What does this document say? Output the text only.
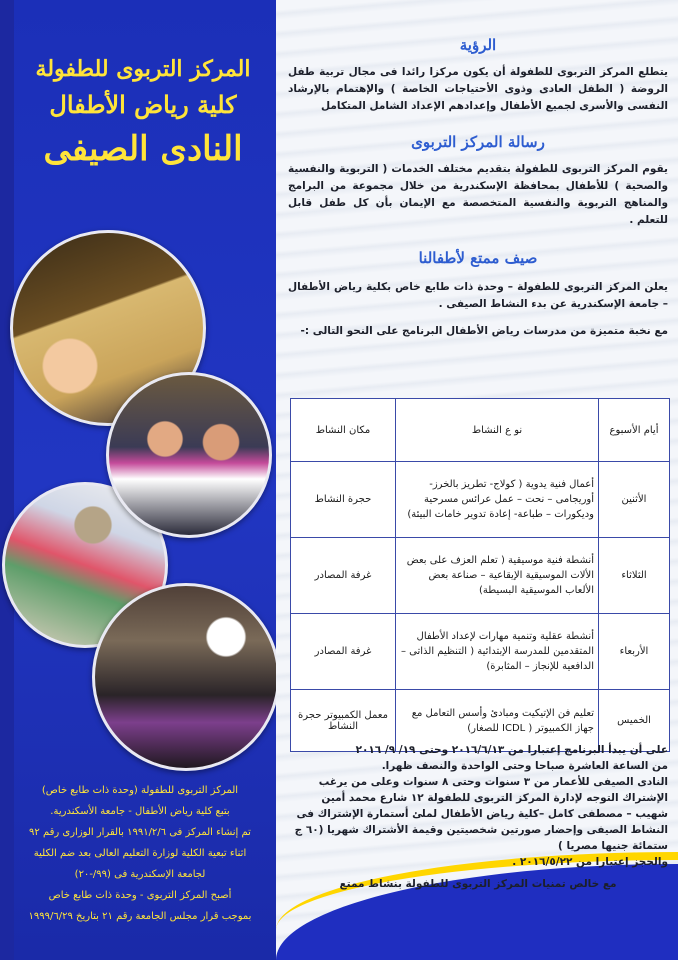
المركز التربوى للطفولة
كلية رياض الأطفال
النادى الصيفى
المركز التربوى للطفولة (وحدة ذات طابع خاص)
بتبع كلية رياض الأطفال - جامعة الأسكندرية.
تم إنشاء المركز فى ١٩٩١/٢/٦ بالقرار الوزارى رقم ٩٢
اثناء تبعية الكلية لوزارة التعليم العالى بعد ضم الكلية
لجامعة الإسكندرية فى (٩٩/-٢٠)
أصبح المركز التربوى - وحدة ذات طابع خاص
بموجب قرار مجلس الجامعة رقم ٢١ بتاريخ ١٩٩٩/٦/٢٩
الرؤية
يتطلع المركز التربوى للطفولة أن يكون مركزا رائدا فى مجال تربية طفل الروضة ( الطفل العادى وذوى الأحتياجات الخاصة ) والإهتمام بالإرشاد النفسى والأسرى لجميع الأطفال وإعدادهم الإعداد الشامل المتكامل
رسالة المركز التربوى
يقوم المركز التربوى للطفولة بتقديم مختلف الخدمات ( التربوية والنفسية والصحية ) للأطفال بمحافظة الإسكندرية من خلال مجموعة من البرامج والمناهج التربوية والنفسية المتخصصة مع الإيمان بأن كل طفل قابل للتعلم .
صيف ممتع لأطفالنا
يعلن المركز التربوى للطفولة – وحدة ذات طابع خاص بكلية رياض الأطفال – جامعة الإسكندرية عن بدء النشاط الصيفى .
مع نخبة متميزة من مدرسات رياض الأطفال البرنامج على النحو التالى :-
أيام الأسبوع	نو ع النشاط	مكان النشاط
الأثنين	أعمال فنية يدوية ( كولاج- تطريز بالخرز- أوريجامى – نحت – عمل عرائس مسرحية وديكورات – طباعة- إعادة تدوير خامات البيئة)	حجرة النشاط
الثلاثاء	أنشطة فنية موسيقية ( تعلم العزف على بعض الألات الموسيقية الإيقاعية – صناعة بعض الألعاب الموسيقية البسيطة)	غرفة المصادر
الأربعاء	أنشطة عقلية وتنمية مهارات لإعداد الأطفال المتقدمين للمدرسة الإبتدائية ( التنظيم الذاتى – الدافعية للإنجاز – المثابرة)	غرفة المصادر
الخميس	تعليم فن الإتيكيت ومبادئ وأسس التعامل مع جهاز الكمبيوتر ( ICDL للصغار)	معمل الكمبيوتر حجرة النشاط
على أن يبدأ البرنامج إعتبارا من ٢٠١٦/٦/١٣ وحتى ١٩/ ٩/ ٢٠١٦
من الساعة العاشرة صباحا وحتى الواحدة والنصف ظهرا.
النادى الصيفى للأعمار من ٣ سنوات وحتى ٨ سنوات وعلى من يرغب الإشتراك التوجه لإدارة المركز التربوى للطفولة ١٢ شارع محمد أمين شهيب – مصطفى كامل –كلية رياض الأطفال لملئ أستمارة الإشتراك فى النشاط الصيفى وإحضار صورتين شخصيتين وقيمة الأشتراك شهريا (٦٠ ج ستمائة جنيها مصريا )
والحجز إعتبارا من ٢٠١٦/٥/٢٢ .
مع خالص تمنيات المركز التربوى للطفولة بنشاط ممتع
